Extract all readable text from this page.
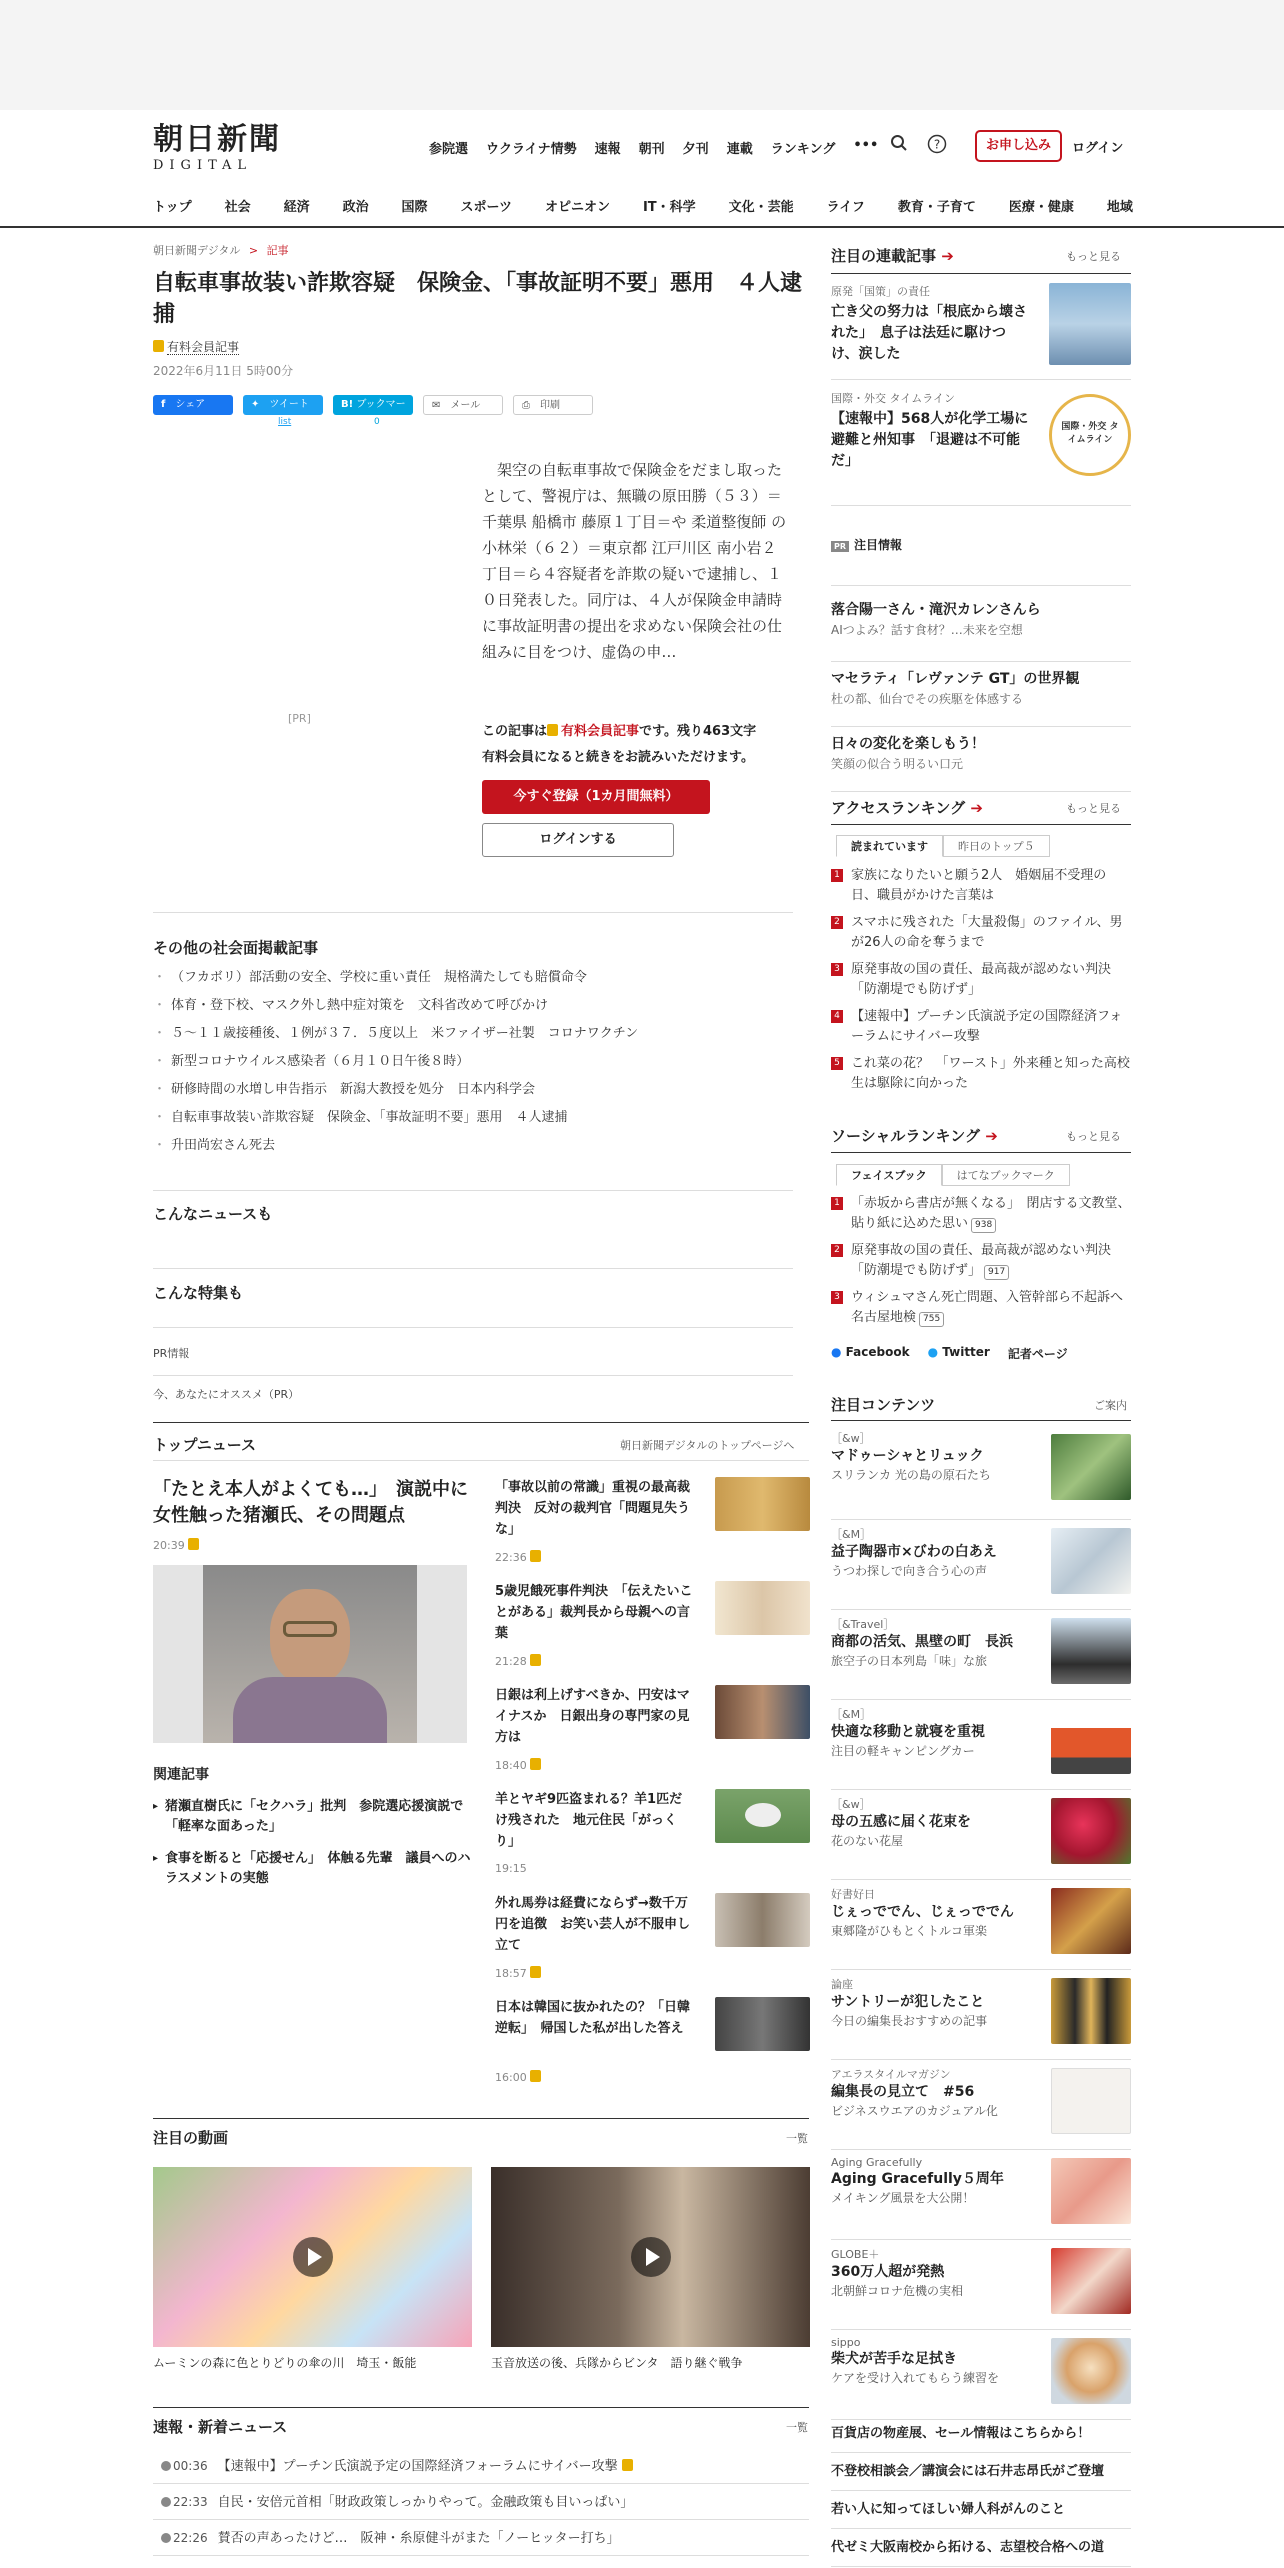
朝日新聞
DIGITAL
参院選	ウクライナ情勢	速報	朝刊	夕刊	連載	ランキング	•••	?	お申し込み	ログイン
トップ	社会	経済	政治	国際	スポーツ	オピニオン	IT・科学	文化・芸能	ライフ	教育・子育て	医療・健康	地域
朝日新聞デジタル > 記事
自転車事故装い詐欺容疑　保険金、「事故証明不要」悪用　４人逮捕
有料会員記事
2022年6月11日 5時00分
f　 シェア	✦　 ツイート
list
B! ブックマーク	0
✉　 メール	⎙　 印刷
[PR]
　架空の自転車事故で保険金をだまし取ったとして、警視庁は、無職の原田勝（５３）＝千葉県 船橋市 藤原１丁目＝や 柔道整復師 の小林栄（６２）＝東京都 江戸川区 南小岩２丁目＝ら４容疑者を詐欺の疑いで逮捕し、１０日発表した。同庁は、４人が保険金申請時に事故証明書の提出を求めない保険会社の仕組みに目をつけ、虚偽の申…
この記事は 有料会員記事です。残り463文字
有料会員になると続きをお読みいただけます。
今すぐ登録（1カ月間無料）
ログインする
その他の社会面掲載記事
・ （フカボリ）部活動の安全、学校に重い責任　規格満たしても賠償命令
・ 体育・登下校、マスク外し熱中症対策を　文科省改めて呼びかけ
・ ５～１１歳接種後、１例が３７．５度以上　米ファイザー社製　コロナワクチン
・ 新型コロナウイルス感染者（６月１０日午後８時）
・ 研修時間の水増し申告指示　新潟大教授を処分　日本内科学会
・ 自転車事故装い詐欺容疑　保険金、「事故証明不要」悪用　４人逮捕
・ 升田尚宏さん死去
こんなニュースも
こんな特集も
PR情報
今、あなたにオススメ（PR）
トップニュース	朝日新聞デジタルのトップページへ
「たとえ本人がよくても…」　演説中に女性触った猪瀬氏、その問題点
20:39
関連記事
▸ 猪瀬直樹氏に「セクハラ」批判　参院選応援演説で「軽率な面あった」
▸ 食事を断ると「応援せん」　体触る先輩　議員へのハラスメントの実態
「事故以前の常識」重視の最高裁判決　反対の裁判官「問題見失うな」
22:36
5歳児餓死事件判決　「伝えたいことがある」裁判長から母親への言葉
21:28
日銀は利上げすべきか、円安はマイナスか　日銀出身の専門家の見方は
18:40
羊とヤギ9匹盗まれる？羊1匹だけ残された　地元住民「がっくり」
19:15
外れ馬券は経費にならず→数千万円を追徴　お笑い芸人が不服申し立て
18:57
日本は韓国に抜かれたの？「日韓逆転」　帰国した私が出した答え
16:00
注目の動画	一覧
ムーミンの森に色とりどりの傘の川　埼玉・飯能	玉音放送の後、兵隊からビンタ　語り継ぐ戦争
速報・新着ニュース	一覧
00:36 【速報中】プーチン氏演説予定の国際経済フォーラムにサイバー攻撃
22:33 自民・安倍元首相「財政政策しっかりやって。金融政策も目いっぱい」
22:26 賛否の声あったけど…　阪神・糸原健斗がまた「ノーヒッター打ち」
注目の連載記事 ➔	もっと見る
原発「国策」の責任
亡き父の努力は「根底から壊された」　息子は法廷に駆けつけ、涙した
国際・外交 タイムライン
【速報中】568人が化学工場に避難と州知事　「退避は不可能だ」
国際・外交 タイムライン
PR 注目情報
落合陽一さん・滝沢カレンさんら
AIつよみ？話す食材？…未来を空想
マセラティ「レヴァンテ GT」の世界観
杜の都、仙台でその疾駆を体感する
日々の変化を楽しもう！
笑顔の似合う明るい口元
アクセスランキング ➔	もっと見る
読まれています	昨日のトップ５
1 家族になりたいと願う2人　婚姻届不受理の日、職員がかけた言葉は
2 スマホに残された「大量殺傷」のファイル、男が26人の命を奪うまで
3 原発事故の国の責任、最高裁が認めない判決　「防潮堤でも防げず」
4 【速報中】プーチン氏演説予定の国際経済フォーラムにサイバー攻撃
5 これ菜の花？　「ワースト」外来種と知った高校生は駆除に向かった
ソーシャルランキング ➔	もっと見る
フェイスブック	はてなブックマーク
1 「赤坂から書店が無くなる」　閉店する文教堂、貼り紙に込めた思い 938
2 原発事故の国の責任、最高裁が認めない判決　「防潮堤でも防げず」 917
3 ウィシュマさん死亡問題、入管幹部ら不起訴へ　名古屋地検 755
● Facebook ● Twitter 記者ページ
注目コンテンツ	ご案内
［&w］
マドゥーシャとリュック
スリランカ 光の島の原石たち
［&M］
益子陶器市×びわの白あえ
うつわ探しで向き合う心の声
［&Travel］
商都の活気、黒壁の町　長浜
旅空子の日本列島「味」な旅
［&M］
快適な移動と就寝を重視
注目の軽キャンピングカー
［&w］
母の五感に届く花束を
花のない花屋
好書好日
じぇっででん、じぇっででん
東郷隆がひもとくトルコ軍楽
論座
サントリーが犯したこと
今日の編集長おすすめの記事
アエラスタイルマガジン
編集長の見立て　#56
ビジネスウエアのカジュアル化
Aging Gracefully
Aging Gracefully５周年
メイキング風景を大公開！
GLOBE＋
360万人超が発熱
北朝鮮コロナ危機の実相
sippo
柴犬が苦手な足拭き
ケアを受け入れてもらう練習を
百貨店の物産展、セール情報はこちらから！
不登校相談会／講演会には石井志昂氏がご登壇
若い人に知ってほしい婦人科がんのこと
代ゼミ大阪南校から拓ける、志望校合格への道
